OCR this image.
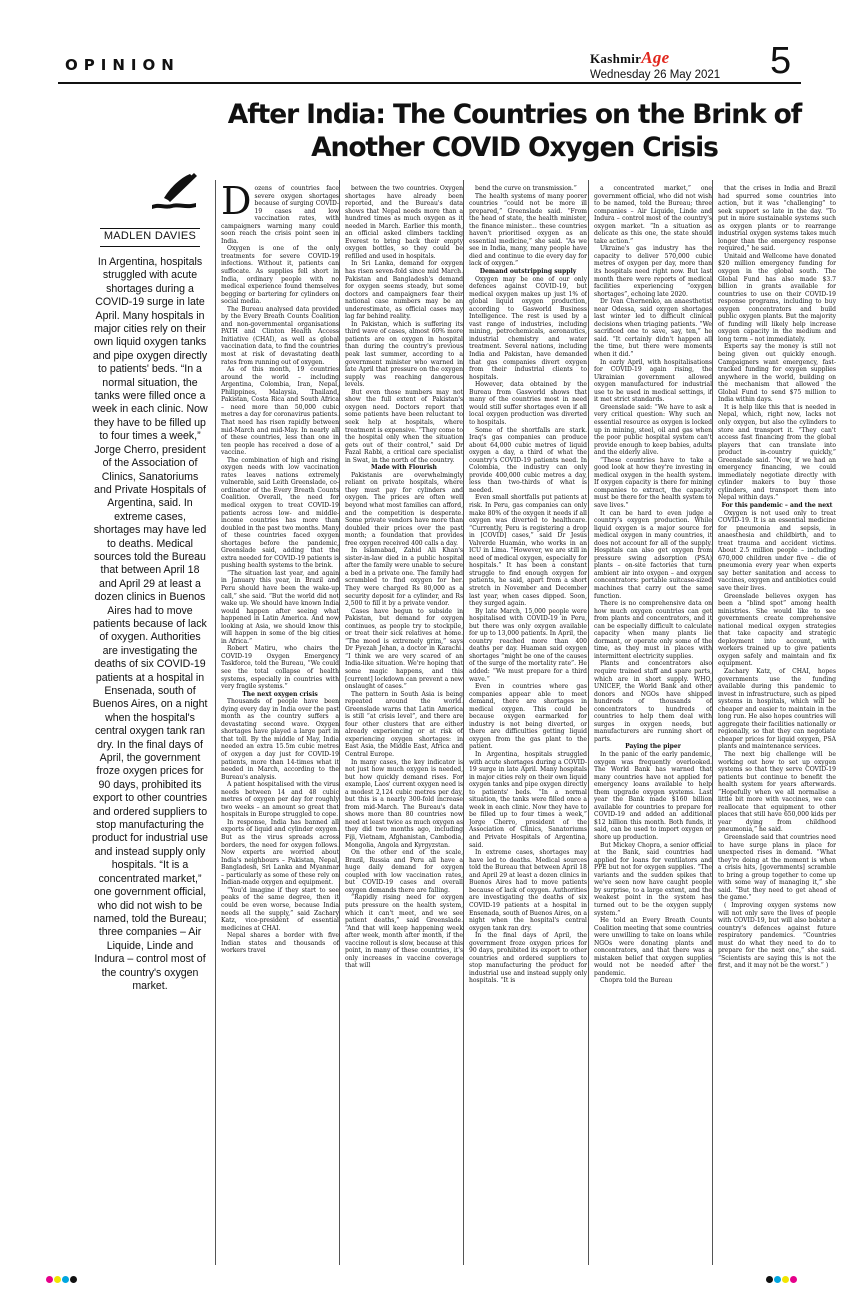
OPINION	KashmirAge
Wednesday 26 May 2021 5
After India: The Countries on the Brink of Another COVID Oxygen Crisis
MADLEN DAVIES
In Argentina, hospitals struggled with acute shortages during a COVID-19 surge in late April. Many hospitals in major cities rely on their own liquid oxygen tanks and pipe oxygen directly to patients' beds. “In a normal situation, the tanks were filled once a week in each clinic. Now they have to be filled up to four times a week,” Jorge Cherro, president of the Association of Clinics, Sanatoriums and Private Hospitals of Argentina, said. In extreme cases, shortages may have led to deaths. Medical sources told the Bureau that between April 18 and April 29 at least a dozen clinics in Buenos Aires had to move patients because of lack of oxygen. Authorities are investigating the deaths of six COVID-19 patients at a hospital in Ensenada, south of Buenos Aires, on a night when the hospital's central oxygen tank ran dry. In the final days of April, the government froze oxygen prices for 90 days, prohibited its export to other countries and ordered suppliers to stop manufacturing the product for industrial use and instead supply only hospitals. “It is a concentrated market,” one government official, who did not wish to be named, told the Bureau; three companies – Air Liquide, Linde and Indura – control most of the country's oxygen market.

Dozens of countries face severe oxygen shortages because of surging COVID-19 cases and low vaccination rates, with campaigners warning many could soon reach the crisis point seen in India.

Oxygen is one of the only treatments for severe COVID-19 infections. Without it, patients can suffocate. As supplies fell short in India, ordinary people with no medical experience found themselves begging or bartering for cylinders on social media.

The Bureau analysed data provided by the Every Breath Counts Coalition and non-governmental organisations PATH and Clinton Health Access Initiative (CHAI), as well as global vaccination data, to find the countries most at risk of devastating death rates from running out of oxygen.

As of this month, 19 countries around the world – including Argentina, Colombia, Iran, Nepal, Philippines, Malaysia, Thailand, Pakistan, Costa Rica and South Africa – need more than 50,000 cubic metres a day for coronavirus patients. That need has risen rapidly between mid-March and mid-May. In nearly all of these countries, less than one in ten people has received a dose of a vaccine.

The combination of high and rising oxygen needs with low vaccination rates leaves nations extremely vulnerable, said Leith Greenslade, co-ordinator of the Every Breath Counts Coalition. Overall, the need for medical oxygen to treat COVID-19 patients across low- and middle-income countries has more than doubled in the past two months. Many of these countries faced oxygen shortages before the pandemic, Greenslade said, adding that the extra needed for COVID-19 patients is pushing health systems to the brink.

“The situation last year, and again in January this year, in Brazil and Peru should have been the wake-up call,” she said. “But the world did not wake up. We should have known India would happen after seeing what happened in Latin America. And now looking at Asia, we should know this will happen in some of the big cities in Africa.”

Robert Matiru, who chairs the COVID-19 Oxygen Emergency Taskforce, told the Bureau, “We could see the total collapse of health systems, especially in countries with very fragile systems.”

The next oxygen crisis

Thousands of people have been dying every day in India over the past month as the country suffers a devastating second wave. Oxygen shortages have played a large part in that toll. By the middle of May, India needed an extra 15.5m cubic metres of oxygen a day just for COVID-19 patients, more than 14-times what it needed in March, according to the Bureau's analysis.

A patient hospitalised with the virus needs between 14 and 48 cubic metres of oxygen per day for roughly two weeks – an amount so great that hospitals in Europe struggled to cope.

In response, India has banned all exports of liquid and cylinder oxygen. But as the virus spreads across borders, the need for oxygen follows. Now experts are worried about India's neighbours – Pakistan, Nepal, Bangladesh, Sri Lanka and Myanmar – particularly as some of these rely on Indian-made oxygen and equipment.

“You'd imagine if they start to see peaks of the same degree, then it could be even worse, because India needs all the supply,” said Zachary Katz, vice-president of essential medicines at CHAI.

Nepal shares a border with five Indian states and thousands of workers travel

between the two countries. Oxygen shortages have already been reported, and the Bureau's data shows that Nepal needs more than a hundred times as much oxygen as it needed in March. Earlier this month, an official asked climbers tackling Everest to bring back their empty oxygen bottles, so they could be refilled and used in hospitals.

In Sri Lanka, demand for oxygen has risen seven-fold since mid March. Pakistan and Bangladesh's demand for oxygen seems steady, but some doctors and campaigners fear their national case numbers may be an underestimate, as official cases may lag far behind reality.

In Pakistan, which is suffering its third wave of cases, almost 60% more patients are on oxygen in hospital than during the country's previous peak last summer, according to a government minister who warned in late April that pressure on the oxygen supply was reaching dangerous levels.

But even those numbers may not show the full extent of Pakistan's oxygen need. Doctors report that some patients have been reluctant to seek help at hospitals, where treatment is expensive. “They come to the hospital only when the situation gets out of their control,” said Dr Fazal Rabbi, a critical care specialist in Swat, in the north of the country.

Made with Flourish

Pakistanis are overwhelmingly reliant on private hospitals, where they must pay for cylinders and oxygen. The prices are often well beyond what most families can afford, and the competition is desperate. Some private vendors have more than doubled their prices over the past month; a foundation that provides free oxygen received 400 calls a day.

In Islamabad, Zahid Ali Khan's sister-in-law died in a public hospital after the family were unable to secure a bed in a private one. The family had scrambled to find oxygen for her. They were charged Rs 80,000 as a security deposit for a cylinder, and Rs 2,500 to fill it by a private vendor.

Cases have begun to subside in Pakistan, but demand for oxygen continues, as people try to stockpile, or treat their sick relatives at home. “The mood is extremely grim,” says Dr Fyezah Jehan, a doctor in Karachi. “I think we are very scared of an India-like situation. We're hoping that some magic happens, and this [current] lockdown can prevent a new onslaught of cases.”

The pattern in South Asia is being repeated around the world. Greenslade warns that Latin America is still “at crisis level”, and there are four other clusters that are either already experiencing or at risk of experiencing oxygen shortages: in East Asia, the Middle East, Africa and Central Europe.

In many cases, the key indicator is not just how much oxygen is needed, but how quickly demand rises. For example, Laos' current oxygen need is a modest 2,124 cubic metres per day, but this is a nearly 300-fold increase from mid-March. The Bureau's data shows more than 80 countries now need at least twice as much oxygen as they did two months ago, including Fiji, Vietnam, Afghanistan, Cambodia, Mongolia, Angola and Kyrgyzstan.

On the other end of the scale, Brazil, Russia and Peru all have a huge daily demand for oxygen coupled with low vaccination rates, but COVID-19 cases and overall oxygen demands there are falling.

“Rapidly rising need for oxygen puts pressure on the health system, which it can't meet, and we see patient deaths,” said Greenslade. “And that will keep happening week after week, month after month, if the vaccine rollout is slow, because at this point, in many of these countries, it's only increases in vaccine coverage that will

bend the curve on transmission.”

The health systems of many poorer countries “could not be more ill prepared,” Greenslade said. “From the head of state, the health minister, the finance minister... these countries haven't prioritised oxygen as an essential medicine,” she said. “As we see in India, many, many people have died and continue to die every day for lack of oxygen.”

Demand outstripping supply

Oxygen may be one of our only defences against COVID-19, but medical oxygen makes up just 1% of global liquid oxygen production, according to Gasworld Business Intelligence. The rest is used by a vast range of industries, including mining, petrochemicals, aeronautics, industrial chemistry and water treatment. Several nations, including India and Pakistan, have demanded that gas companies divert oxygen from their industrial clients to hospitals.

However, data obtained by the Bureau from Gasworld shows that many of the countries most in need would still suffer shortages even if all local oxygen production was diverted to hospitals.

Some of the shortfalls are stark. Iraq's gas companies can produce about 64,000 cubic metres of liquid oxygen a day, a third of what the country's COVID-19 patients need. In Colombia, the industry can only provide 400,000 cubic metres a day, less than two-thirds of what is needed.

Even small shortfalls put patients at risk. In Peru, gas companies can only make 80% of the oxygen it needs if all oxygen was diverted to healthcare. “Currently, Peru is registering a drop in [COVID] cases,” said Dr Jesús Valverde Huamán, who works in an ICU in Lima. “However, we are still in need of medical oxygen, especially for hospitals.” It has been a constant struggle to find enough oxygen for patients, he said, apart from a short stretch in November and December last year, when cases dipped. Soon, they surged again.

By late March, 15,000 people were hospitalised with COVID-19 in Peru, but there was only oxygen available for up to 13,000 patients. In April, the country reached more than 400 deaths per day. Huaman said oxygen shortages “might be one of the causes of the surge of the mortality rate”. He added: “We must prepare for a third wave.”

Even in countries where gas companies appear able to meet demand, there are shortages in medical oxygen. This could be because oxygen earmarked for industry is not being diverted, or there are difficulties getting liquid oxygen from the gas plant to the patient.

In Argentina, hospitals struggled with acute shortages during a COVID-19 surge in late April. Many hospitals in major cities rely on their own liquid oxygen tanks and pipe oxygen directly to patients' beds. “In a normal situation, the tanks were filled once a week in each clinic. Now they have to be filled up to four times a week,” Jorge Cherro, president of the Association of Clinics, Sanatoriums and Private Hospitals of Argentina, said.

In extreme cases, shortages may have led to deaths. Medical sources told the Bureau that between April 18 and April 29 at least a dozen clinics in Buenos Aires had to move patients because of lack of oxygen. Authorities are investigating the deaths of six COVID-19 patients at a hospital in Ensenada, south of Buenos Aires, on a night when the hospital's central oxygen tank ran dry.

In the final days of April, the government froze oxygen prices for 90 days, prohibited its export to other countries and ordered suppliers to stop manufacturing the product for industrial use and instead supply only hospitals. “It is

a concentrated market,” one government official, who did not wish to be named, told the Bureau; three companies – Air Liquide, Linde and Indura – control most of the country's oxygen market. “In a situation as delicate as this one, the state should take action.”

Ukraine's gas industry has the capacity to deliver 570,000 cubic metres of oxygen per day, more than its hospitals need right now. But last month there were reports of medical facilities experiencing “oxygen shortages”, echoing late 2020.

Dr Ivan Chernenko, an anaesthetist near Odessa, said oxygen shortages last winter led to difficult clinical decisions when triaging patients. “We sacrificed one to save, say, ten,” he said. “It certainly didn't happen all the time, but there were moments when it did.”

In early April, with hospitalisations for COVID-19 again rising, the Ukrainian government allowed oxygen manufactured for industrial use to be used in medical settings, if it met strict standards.

Greenslade said: “We have to ask a very critical question: Why such an essential resource as oxygen is locked up in mining, steel, oil and gas when the poor public hospital system can't provide enough to keep babies, adults and the elderly alive.

“These countries have to take a good look at how they're investing in medical oxygen in the health system. If oxygen capacity is there for mining companies to extract, the capacity must be there for the health system to save lives.”

It can be hard to even judge a country's oxygen production. While liquid oxygen is a major source for medical oxygen in many countries, it does not account for all of the supply. Hospitals can also get oxygen from pressure swing adsorption (PSA) plants – on-site factories that turn ambient air into oxygen – and oxygen concentrators: portable suitcase-sized machines that carry out the same function.

There is no comprehensive data on how much oxygen countries can get from plants and concentrators, and it can be especially difficult to calculate capacity when many plants lie dormant, or operate only some of the time, as they must in places with intermittent electricity supplies.

Plants and concentrators also require trained staff and spare parts, which are in short supply. WHO, UNICEF, the World Bank and other donors and NGOs have shipped hundreds of thousands of concentrators to hundreds of countries to help them deal with surges in oxygen needs, but manufacturers are running short of parts.

Paying the piper

In the panic of the early pandemic, oxygen was frequently overlooked. The World Bank has warned that many countries have not applied for emergency loans available to help them upgrade oxygen systems. Last year the Bank made $160 billion available for countries to prepare for COVID-19 and added an additional $12 billion this month. Both funds, it said, can be used to import oxygen or shore up production.

But Mickey Chopra, a senior official at the Bank, said countries had applied for loans for ventilators and PPE but not for oxygen supplies. “The variants and the sudden spikes that we've seen now have caught people by surprise, to a large extent, and the weakest point in the system has turned out to be the oxygen supply system.”

He told an Every Breath Counts Coalition meeting that some countries were unwilling to take on loans while NGOs were donating plants and concentrators, and that there was a mistaken belief that oxygen supplies would not be needed after the pandemic.

Chopra told the Bureau

that the crises in India and Brazil had spurred some countries into action, but it was “challenging” to seek support so late in the day. “To put in more sustainable systems such as oxygen plants or to rearrange industrial oxygen systems takes much longer than the emergency response required,” he said.

Unitaid and Wellcome have donated $20 million emergency funding for oxygen in the global south. The Global Fund has also made $3.7 billion in grants available for countries to use on their COVID-19 response programs, including to buy oxygen concentrators and build public oxygen plants. But the majority of funding will likely help increase oxygen capacity in the medium and long term – not immediately.

Experts say the money is still not being given out quickly enough. Campaigners want emergency, fast-tracked funding for oxygen supplies anywhere in the world, building on the mechanism that allowed the Global Fund to send $75 million to India within days.

It is help like this that is needed in Nepal, which, right now, lacks not only oxygen, but also the cylinders to store and transport it. “They can't access fast financing from the global players that can translate into product in-country quickly,” Greenslade said. “Now, if we had an emergency financing, we could immediately negotiate directly with cylinder makers to buy those cylinders, and transport them into Nepal within days.”

For this pandemic – and the next

Oxygen is not used only to treat COVID-19. It is an essential medicine for pneumonia and sepsis, in anaesthesia and childbirth, and to treat trauma and accident victims. About 2.5 million people – including 670,000 children under five – die of pneumonia every year when experts say better sanitation and access to vaccines, oxygen and antibiotics could save their lives.

Greenslade believes oxygen has been a “blind spot” among health ministries. She would like to see governments create comprehensive national medical oxygen strategies that take capacity and strategic deployment into account, with workers trained up to give patients oxygen safely and maintain and fix equipment.

Zachary Katz, of CHAI, hopes governments use the funding available during this pandemic to invest in infrastructure, such as piped systems in hospitals, which will be cheaper and easier to maintain in the long run. He also hopes countries will aggregate their facilities nationally or regionally, so that they can negotiate cheaper prices for liquid oxygen, PSA plants and maintenance services.

The next big challenge will be working out how to set up oxygen systems so that they serve COVID-19 patients but continue to benefit the health system for years afterwards. “Hopefully when we all normalise a little bit more with vaccines, we can reallocate that equipment to other places that still have 650,000 kids per year dying from childhood pneumonia,” he said.

Greenslade said that countries need to have surge plans in place for unexpected rises in demand. “What they're doing at the moment is when a crisis hits, [governments] scramble to bring a group together to come up with some way of managing it,” she said. “But they need to get ahead of the game.”

( Improving oxygen systems now will not only save the lives of people with COVID-19, but will also bolster a country's defences against future respiratory pandemics. “Countries must do what they need to do to prepare for the next one,” she said. “Scientists are saying this is not the first, and it may not be the worst.” )
